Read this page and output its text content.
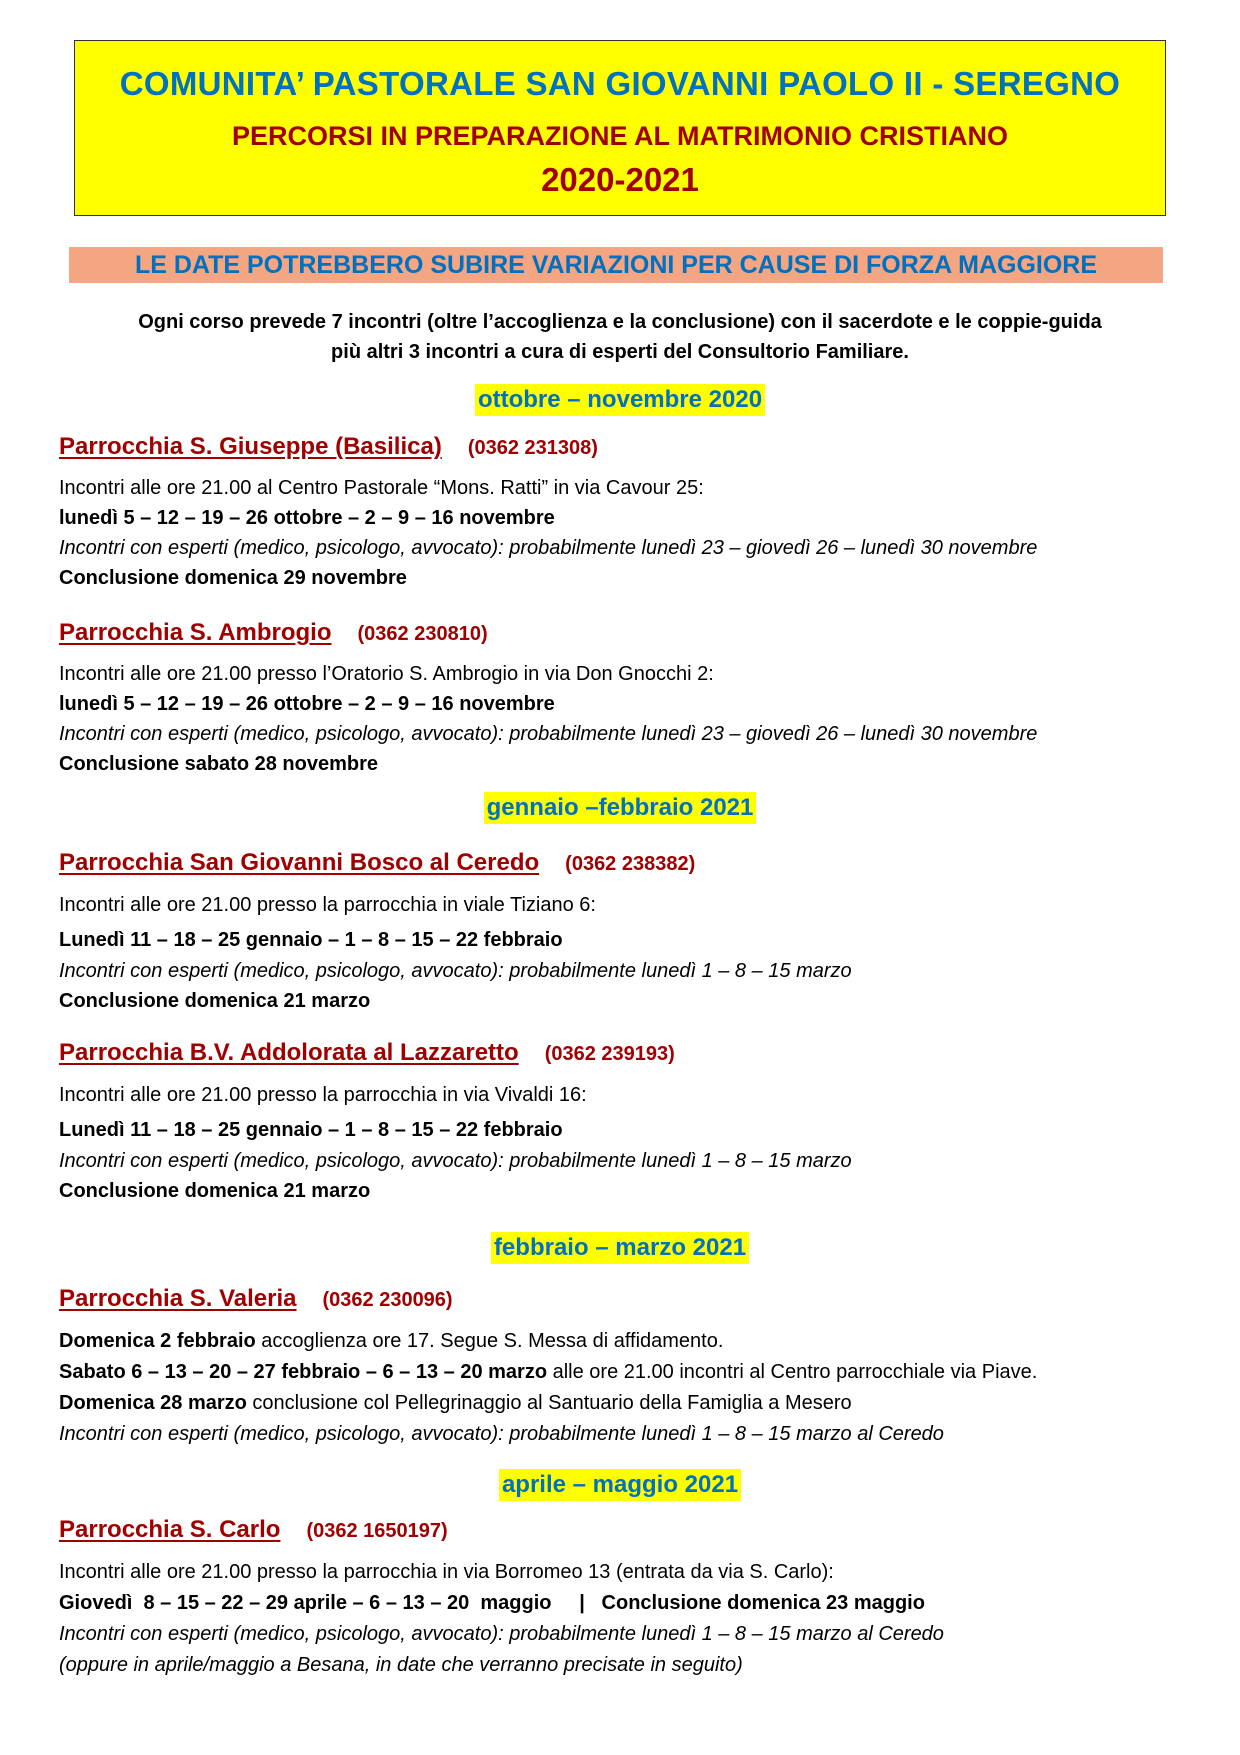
COMUNITA’ PASTORALE SAN GIOVANNI PAOLO II - SEREGNO
PERCORSI IN PREPARAZIONE AL MATRIMONIO CRISTIANO
2020-2021
LE DATE POTREBBERO SUBIRE VARIAZIONI PER CAUSE DI FORZA MAGGIORE
Ogni corso prevede 7 incontri (oltre l’accoglienza e la conclusione) con il sacerdote e le coppie-guida
più altri 3 incontri a cura di esperti del Consultorio Familiare.
ottobre – novembre 2020
Parrocchia S. Giuseppe (Basilica) (0362 231308)
Incontri alle ore 21.00 al Centro Pastorale “Mons. Ratti” in via Cavour 25:
lunedì 5 – 12 – 19 – 26 ottobre – 2 – 9 – 16 novembre
Incontri con esperti (medico, psicologo, avvocato): probabilmente lunedì 23 – giovedì 26 – lunedì 30 novembre
Conclusione domenica 29 novembre
Parrocchia S. Ambrogio (0362 230810)
Incontri alle ore 21.00 presso l’Oratorio S. Ambrogio in via Don Gnocchi 2:
lunedì 5 – 12 – 19 – 26 ottobre – 2 – 9 – 16 novembre
Incontri con esperti (medico, psicologo, avvocato): probabilmente lunedì 23 – giovedì 26 – lunedì 30 novembre
Conclusione sabato 28 novembre
gennaio –febbraio 2021
Parrocchia San Giovanni Bosco al Ceredo (0362 238382)
Incontri alle ore 21.00 presso la parrocchia in viale Tiziano 6:
Lunedì 11 – 18 – 25 gennaio – 1 – 8 – 15 – 22 febbraio
Incontri con esperti (medico, psicologo, avvocato): probabilmente lunedì 1 – 8 – 15 marzo
Conclusione domenica 21 marzo
Parrocchia B.V. Addolorata al Lazzaretto (0362 239193)
Incontri alle ore 21.00 presso la parrocchia in via Vivaldi 16:
Lunedì 11 – 18 – 25 gennaio – 1 – 8 – 15 – 22 febbraio
Incontri con esperti (medico, psicologo, avvocato): probabilmente lunedì 1 – 8 – 15 marzo
Conclusione domenica 21 marzo
febbraio – marzo 2021
Parrocchia S. Valeria (0362 230096)
Domenica 2 febbraio accoglienza ore 17. Segue S. Messa di affidamento.
Sabato 6 – 13 – 20 – 27 febbraio – 6 – 13 – 20 marzo alle ore 21.00 incontri al Centro parrocchiale via Piave.
Domenica 28 marzo conclusione col Pellegrinaggio al Santuario della Famiglia a Mesero
Incontri con esperti (medico, psicologo, avvocato): probabilmente lunedì 1 – 8 – 15 marzo al Ceredo
aprile – maggio 2021
Parrocchia S. Carlo (0362 1650197)
Incontri alle ore 21.00 presso la parrocchia in via Borromeo 13 (entrata da via S. Carlo):
Giovedì  8 – 15 – 22 – 29 aprile – 6 – 13 – 20  maggio     |   Conclusione domenica 23 maggio
Incontri con esperti (medico, psicologo, avvocato): probabilmente lunedì 1 – 8 – 15 marzo al Ceredo
(oppure in aprile/maggio a Besana, in date che verranno precisate in seguito)
